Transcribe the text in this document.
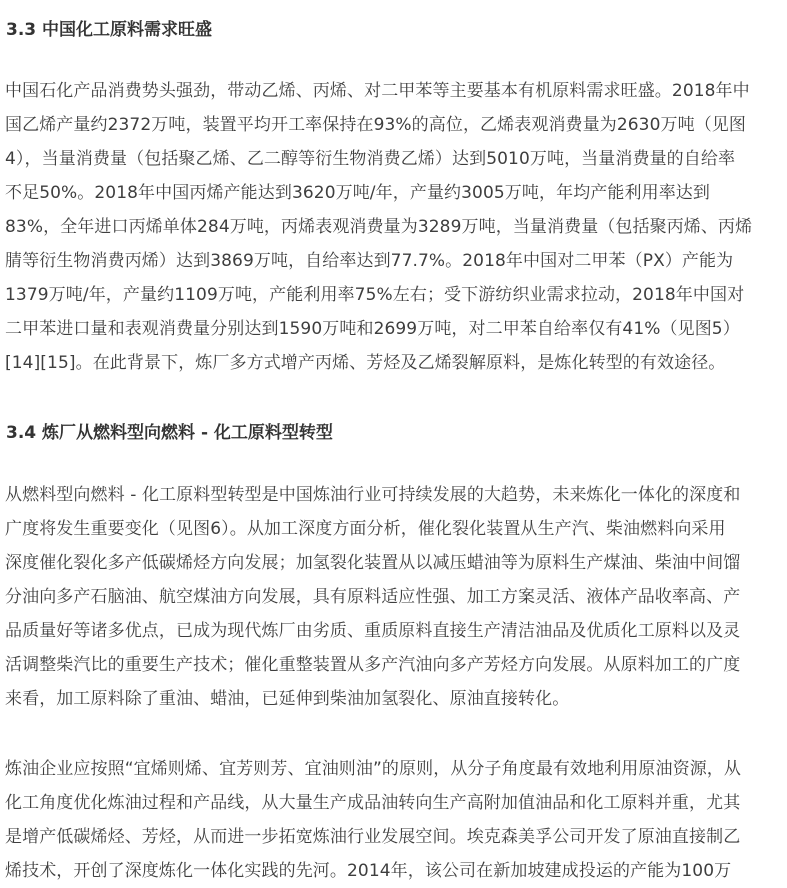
3.3 中国化工原料需求旺盛

中国石化产品消费势头强劲，带动乙烯、丙烯、对二甲苯等主要基本有机原料需求旺盛。2018年中
国乙烯产量约2372万吨，装置平均开工率保持在93%的高位，乙烯表观消费量为2630万吨（见图
4），当量消费量（包括聚乙烯、乙二醇等衍生物消费乙烯）达到5010万吨，当量消费量的自给率
不足50%。2018年中国丙烯产能达到3620万吨/年，产量约3005万吨，年均产能利用率达到
83%，全年进口丙烯单体284万吨，丙烯表观消费量为3289万吨，当量消费量（包括聚丙烯、丙烯
腈等衍生物消费丙烯）达到3869万吨，自给率达到77.7%。2018年中国对二甲苯（PX）产能为
1379万吨/年，产量约1109万吨，产能利用率75%左右；受下游纺织业需求拉动，2018年中国对
二甲苯进口量和表观消费量分别达到1590万吨和2699万吨，对二甲苯自给率仅有41%（见图5）
[14][15]。在此背景下，炼厂多方式增产丙烯、芳烃及乙烯裂解原料，是炼化转型的有效途径。

3.4 炼厂从燃料型向燃料 - 化工原料型转型

从燃料型向燃料 - 化工原料型转型是中国炼油行业可持续发展的大趋势，未来炼化一体化的深度和
广度将发生重要变化（见图6）。从加工深度方面分析，催化裂化装置从生产汽、柴油燃料向采用
深度催化裂化多产低碳烯烃方向发展；加氢裂化装置从以减压蜡油等为原料生产煤油、柴油中间馏
分油向多产石脑油、航空煤油方向发展，具有原料适应性强、加工方案灵活、液体产品收率高、产
品质量好等诸多优点，已成为现代炼厂由劣质、重质原料直接生产清洁油品及优质化工原料以及灵
活调整柴汽比的重要生产技术；催化重整装置从多产汽油向多产芳烃方向发展。从原料加工的广度
来看，加工原料除了重油、蜡油，已延伸到柴油加氢裂化、原油直接转化。

炼油企业应按照“宜烯则烯、宜芳则芳、宜油则油”的原则，从分子角度最有效地利用原油资源，从
化工角度优化炼油过程和产品线，从大量生产成品油转向生产高附加值油品和化工原料并重，尤其
是增产低碳烯烃、芳烃，从而进一步拓宽炼油行业发展空间。埃克森美孚公司开发了原油直接制乙
烯技术，开创了深度炼化一体化实践的先河。2014年，该公司在新加坡建成投运的产能为100万
